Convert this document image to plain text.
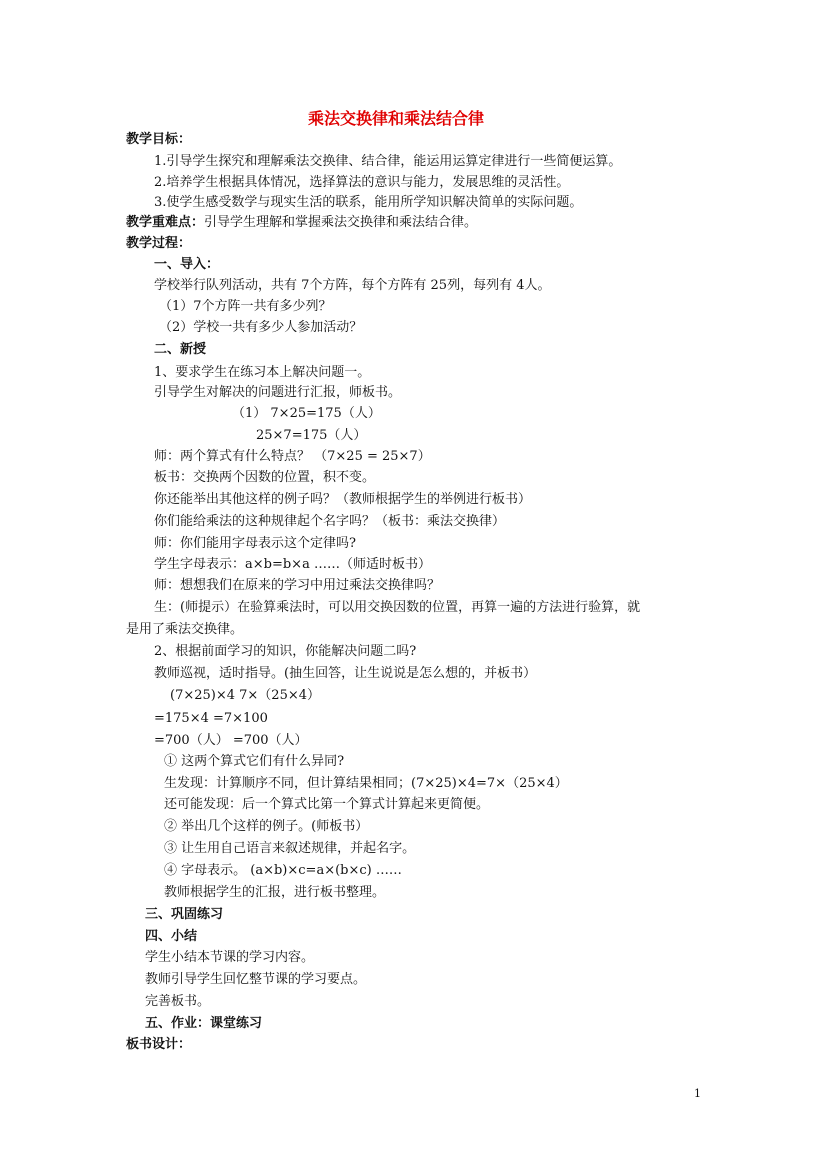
乘法交换律和乘法结合律
教学目标：
1.引导学生探究和理解乘法交换律、结合律，能运用运算定律进行一些简便运算。
2.培养学生根据具体情况，选择算法的意识与能力，发展思维的灵活性。
3.使学生感受数学与现实生活的联系，能用所学知识解决简单的实际问题。
教学重难点：引导学生理解和掌握乘法交换律和乘法结合律。
教学过程：
一、导入：
学校举行队列活动，共有 7个方阵，每个方阵有 25列，每列有 4人。
（1）7个方阵一共有多少列？
（2）学校一共有多少人参加活动？
二、新授
1、要求学生在练习本上解决问题一。
引导学生对解决的问题进行汇报，师板书。
（1） 7×25=175（人）
25×7=175（人）
师：两个算式有什么特点？ （7×25 = 25×7）
板书：交换两个因数的位置，积不变。
你还能举出其他这样的例子吗？（教师根据学生的举例进行板书）
你们能给乘法的这种规律起个名字吗？（板书：乘法交换律）
师：你们能用字母表示这个定律吗?
学生字母表示：a×b=b×a ……（师适时板书）
师：想想我们在原来的学习中用过乘法交换律吗？
生：(师提示）在验算乘法时，可以用交换因数的位置，再算一遍的方法进行验算，就
是用了乘法交换律。
2、根据前面学习的知识，你能解决问题二吗?
教师巡视，适时指导。(抽生回答，让生说说是怎么想的，并板书）
(7×25)×4 7×（25×4）
=175×4 =7×100
=700（人） =700（人）
① 这两个算式它们有什么异同?
生发现：计算顺序不同，但计算结果相同；(7×25)×4=7×（25×4）
还可能发现：后一个算式比第一个算式计算起来更简便。
② 举出几个这样的例子。(师板书）
③ 让生用自己语言来叙述规律，并起名字。
④ 字母表示。 (a×b)×c=a×(b×c) ……
教师根据学生的汇报，进行板书整理。
三、巩固练习
四、小结
学生小结本节课的学习内容。
教师引导学生回忆整节课的学习要点。
完善板书。
五、作业：课堂练习
板书设计：
1
